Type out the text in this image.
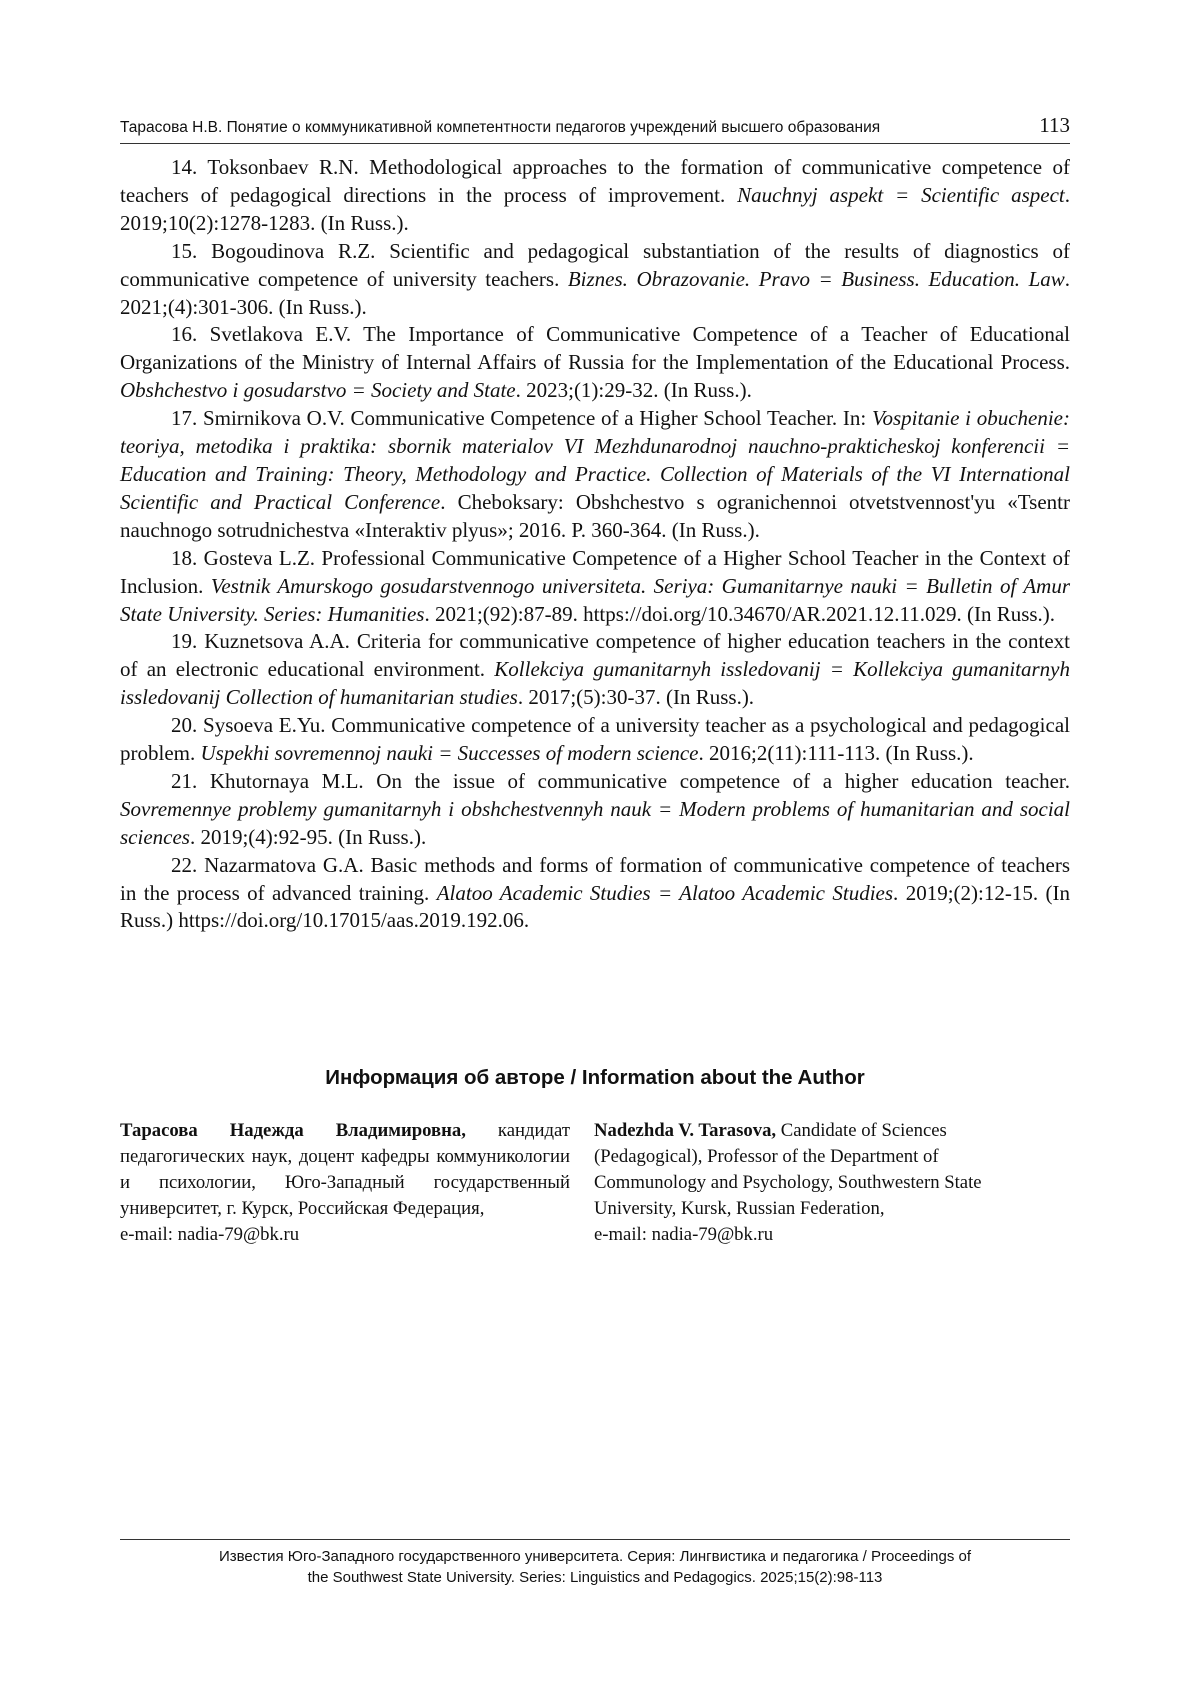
Тарасова Н.В. Понятие о коммуникативной компетентности педагогов учреждений высшего образования	113

14. Toksonbaev R.N. Methodological approaches to the formation of communicative competence of teachers of pedagogical directions in the process of improvement. Nauchnyj aspekt = Scientific aspect. 2019;10(2):1278-1283. (In Russ.).

15. Bogoudinova R.Z. Scientific and pedagogical substantiation of the results of diagnostics of communicative competence of university teachers. Biznes. Obrazovanie. Pravo = Business. Education. Law. 2021;(4):301-306. (In Russ.).

16. Svetlakova E.V. The Importance of Communicative Competence of a Teacher of Educational Organizations of the Ministry of Internal Affairs of Russia for the Implementation of the Educational Process. Obshchestvo i gosudarstvo = Society and State. 2023;(1):29-32. (In Russ.).

17. Smirnikova O.V. Communicative Competence of a Higher School Teacher. In: Vospitanie i obuchenie: teoriya, metodika i praktika: sbornik materialov VI Mezhdunarodnoj nauchno-prakticheskoj konferencii = Education and Training: Theory, Methodology and Practice. Collection of Materials of the VI International Scientific and Practical Conference. Cheboksary: Obshchestvo s ogranichennoi otvetstvennost'yu «Tsentr nauchnogo sotrudnichestva «Interaktiv plyus»; 2016. P. 360-364. (In Russ.).

18. Gosteva L.Z. Professional Communicative Competence of a Higher School Teacher in the Context of Inclusion. Vestnik Amurskogo gosudarstvennogo universiteta. Seriya: Gumanitarnye nauki = Bulletin of Amur State University. Series: Humanities. 2021;(92):87-89. https://doi.org/10.34670/AR.2021.12.11.029. (In Russ.).

19. Kuznetsova A.A. Criteria for communicative competence of higher education teachers in the context of an electronic educational environment. Kollekciya gumanitarnyh issledovanij = Kollekciya gumanitarnyh issledovanij Collection of humanitarian studies. 2017;(5):30-37. (In Russ.).

20. Sysoeva E.Yu. Communicative competence of a university teacher as a psychological and pedagogical problem. Uspekhi sovremennoj nauki = Successes of modern science. 2016;2(11):111-113. (In Russ.).

21. Khutornaya M.L. On the issue of communicative competence of a higher education teacher. Sovremennye problemy gumanitarnyh i obshchestvennyh nauk = Modern problems of humanitarian and social sciences. 2019;(4):92-95. (In Russ.).

22. Nazarmatova G.A. Basic methods and forms of formation of communicative competence of teachers in the process of advanced training. Alatoo Academic Studies = Alatoo Academic Studies. 2019;(2):12-15. (In Russ.) https://doi.org/10.17015/aas.2019.192.06.

Информация об авторе / Information about the Author
Тарасова Надежда Владимировна, кандидат педагогических наук, доцент кафедры коммуникологии и психологии, Юго-Западный государственный университет, г. Курск, Российская Федерация,
e-mail: nadia-79@bk.ru
Nadezhda V. Tarasova, Candidate of Sciences (Pedagogical), Professor of the Department of Communology and Psychology, Southwestern State University, Kursk, Russian Federation,
e-mail: nadia-79@bk.ru
Известия Юго-Западного государственного университета. Серия: Лингвистика и педагогика / Proceedings of
the Southwest State University. Series: Linguistics and Pedagogics. 2025;15(2):98-113
